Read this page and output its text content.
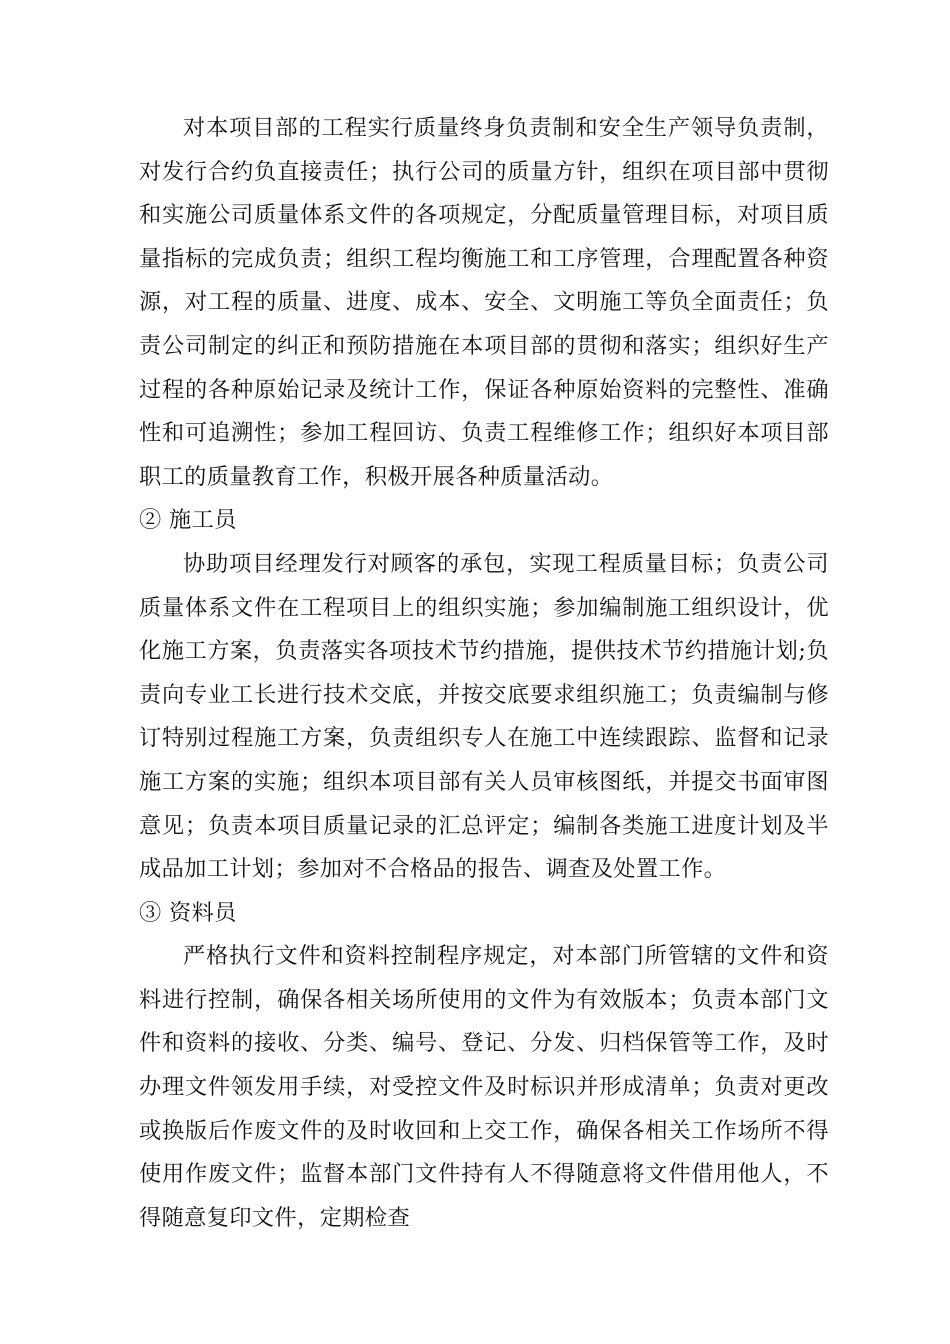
对本项目部的工程实行质量终身负责制和安全生产领导负责制，对发行合约负直接责任；执行公司的质量方针，组织在项目部中贯彻和实施公司质量体系文件的各项规定，分配质量管理目标，对项目质量指标的完成负责；组织工程均衡施工和工序管理，合理配置各种资源，对工程的质量、进度、成本、安全、文明施工等负全面责任；负责公司制定的纠正和预防措施在本项目部的贯彻和落实；组织好生产过程的各种原始记录及统计工作，保证各种原始资料的完整性、准确性和可追溯性；参加工程回访、负责工程维修工作；组织好本项目部职工的质量教育工作，积极开展各种质量活动。

② 施工员

协助项目经理发行对顾客的承包，实现工程质量目标；负责公司质量体系文件在工程项目上的组织实施；参加编制施工组织设计，优化施工方案，负责落实各项技术节约措施，提供技术节约措施计划;负责向专业工长进行技术交底，并按交底要求组织施工；负责编制与修订特别过程施工方案，负责组织专人在施工中连续跟踪、监督和记录施工方案的实施；组织本项目部有关人员审核图纸，并提交书面审图意见；负责本项目质量记录的汇总评定；编制各类施工进度计划及半成品加工计划；参加对不合格品的报告、调查及处置工作。

③ 资料员

严格执行文件和资料控制程序规定，对本部门所管辖的文件和资料进行控制，确保各相关场所使用的文件为有效版本；负责本部门文件和资料的接收、分类、编号、登记、分发、归档保管等工作，及时办理文件领发用手续，对受控文件及时标识并形成清单；负责对更改或换版后作废文件的及时收回和上交工作，确保各相关工作场所不得使用作废文件；监督本部门文件持有人不得随意将文件借用他人，不得随意复印文件，定期检查
